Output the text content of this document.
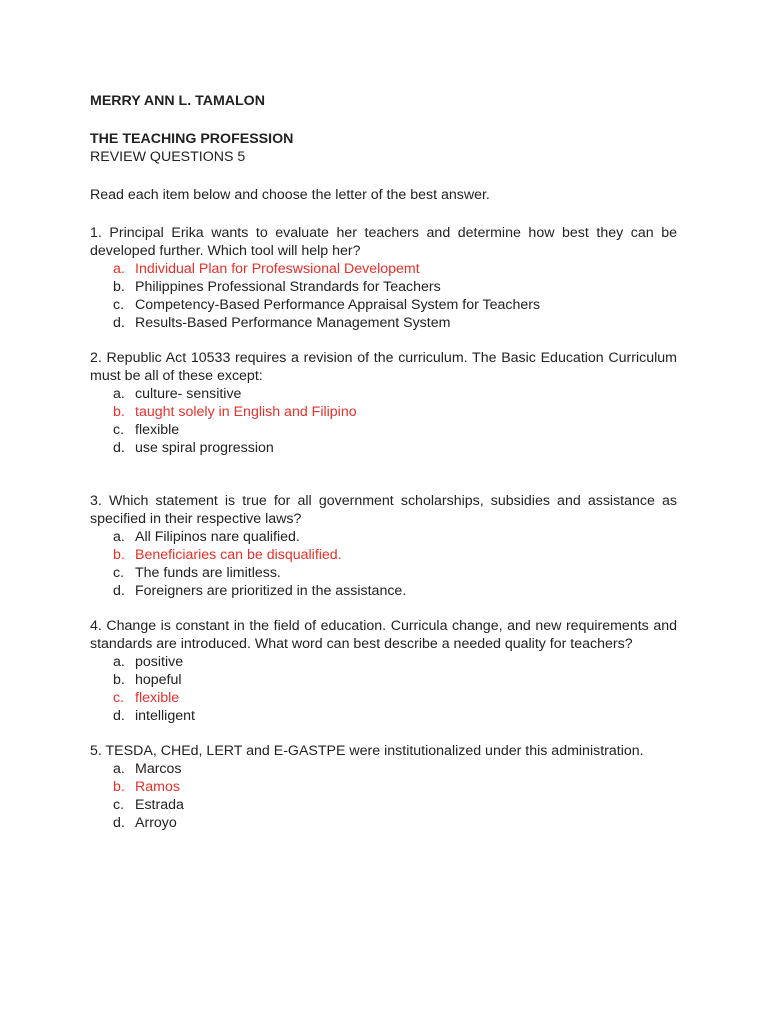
MERRY ANN L. TAMALON

THE TEACHING PROFESSION

REVIEW QUESTIONS 5

Read each item below and choose the letter of the best answer.

1. Principal Erika wants to evaluate her teachers and determine how best they can be developed further. Which tool will help her?

a. Individual Plan for Profeswsional Developemt
b. Philippines Professional Strandards for Teachers
c. Competency-Based Performance Appraisal System for Teachers
d. Results-Based Performance Management System

2. Republic Act 10533 requires a revision of the curriculum. The Basic Education Curriculum must be all of these except:

a. culture- sensitive
b. taught solely in English and Filipino
c. flexible
d. use spiral progression

3. Which statement is true for all government scholarships, subsidies and assistance as specified in their respective laws?

a. All Filipinos nare qualified.
b. Beneficiaries can be disqualified.
c. The funds are limitless.
d. Foreigners are prioritized in the assistance.

4. Change is constant in the field of education. Curricula change, and new requirements and standards are introduced. What word can best describe a needed quality for teachers?

a. positive
b. hopeful
c. flexible
d. intelligent

5. TESDA, CHEd, LERT and E-GASTPE were institutionalized under this administration.

a. Marcos
b. Ramos
c. Estrada
d. Arroyo
